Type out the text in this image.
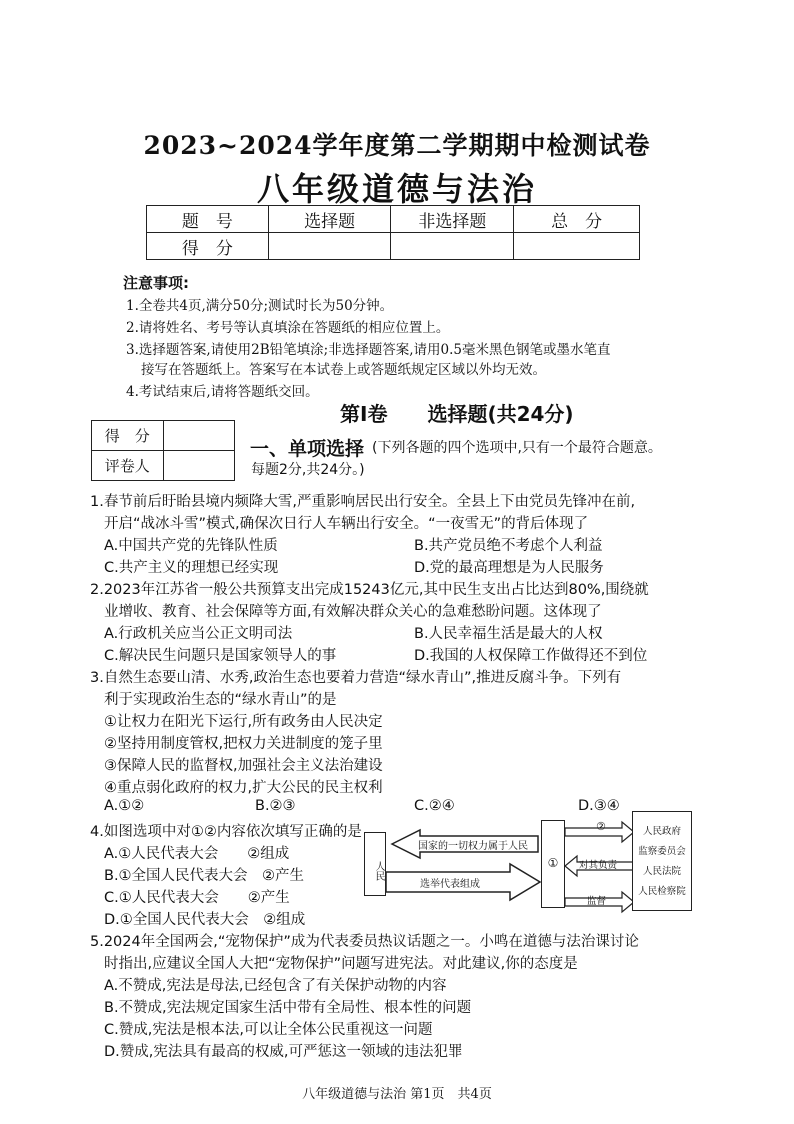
2023~2024学年度第二学期期中检测试卷
八年级道德与法治
题　号	选择题	非选择题	总　分
得　分			
注意事项:
1.全卷共4页,满分50分;测试时长为50分钟。
2.请将姓名、考号等认真填涂在答题纸的相应位置上。
3.选择题答案,请使用2B铅笔填涂;非选择题答案,请用0.5毫米黑色钢笔或墨水笔直
接写在答题纸上。答案写在本试卷上或答题纸规定区域以外均无效。
4.考试结束后,请将答题纸交回。
第Ⅰ卷　　选择题(共24分)
得　分	
评卷人	
一、单项选择 (下列各题的四个选项中,只有一个最符合题意。
每题2分,共24分。)
1.春节前后盱眙县境内频降大雪,严重影响居民出行安全。全县上下由党员先锋冲在前,
开启“战冰斗雪”模式,确保次日行人车辆出行安全。“一夜雪无”的背后体现了
A.中国共产党的先锋队性质	B.共产党员绝不考虑个人利益
C.共产主义的理想已经实现	D.党的最高理想是为人民服务
2.2023年江苏省一般公共预算支出完成15243亿元,其中民生支出占比达到80%,围绕就
业增收、教育、社会保障等方面,有效解决群众关心的急难愁盼问题。这体现了
A.行政机关应当公正文明司法	B.人民幸福生活是最大的人权
C.解决民生问题只是国家领导人的事	D.我国的人权保障工作做得还不到位
3.自然生态要山清、水秀,政治生态也要着力营造“绿水青山”,推进反腐斗争。下列有
利于实现政治生态的“绿水青山”的是
①让权力在阳光下运行,所有政务由人民决定
②坚持用制度管权,把权力关进制度的笼子里
③保障人民的监督权,加强社会主义法治建设
④重点弱化政府的权力,扩大公民的民主权利
A.①②	B.②③	C.②④	D.③④
4.如图选项中对①②内容依次填写正确的是
A.①人民代表大会　　②组成
B.①全国人民代表大会　②产生
C.①人民代表大会　　②产生
D.①全国人民代表大会　②组成
人民
国家的一切权力属于人民
选举代表组成
①
②
对其负责
监督
人民政府
监察委员会
人民法院
人民检察院
5.2024年全国两会,“宠物保护”成为代表委员热议话题之一。小鸣在道德与法治课讨论
时指出,应建议全国人大把“宠物保护”问题写进宪法。对此建议,你的态度是
A.不赞成,宪法是母法,已经包含了有关保护动物的内容
B.不赞成,宪法规定国家生活中带有全局性、根本性的问题
C.赞成,宪法是根本法,可以让全体公民重视这一问题
D.赞成,宪法具有最高的权威,可严惩这一领域的违法犯罪
八年级道德与法治 第1页　共4页
